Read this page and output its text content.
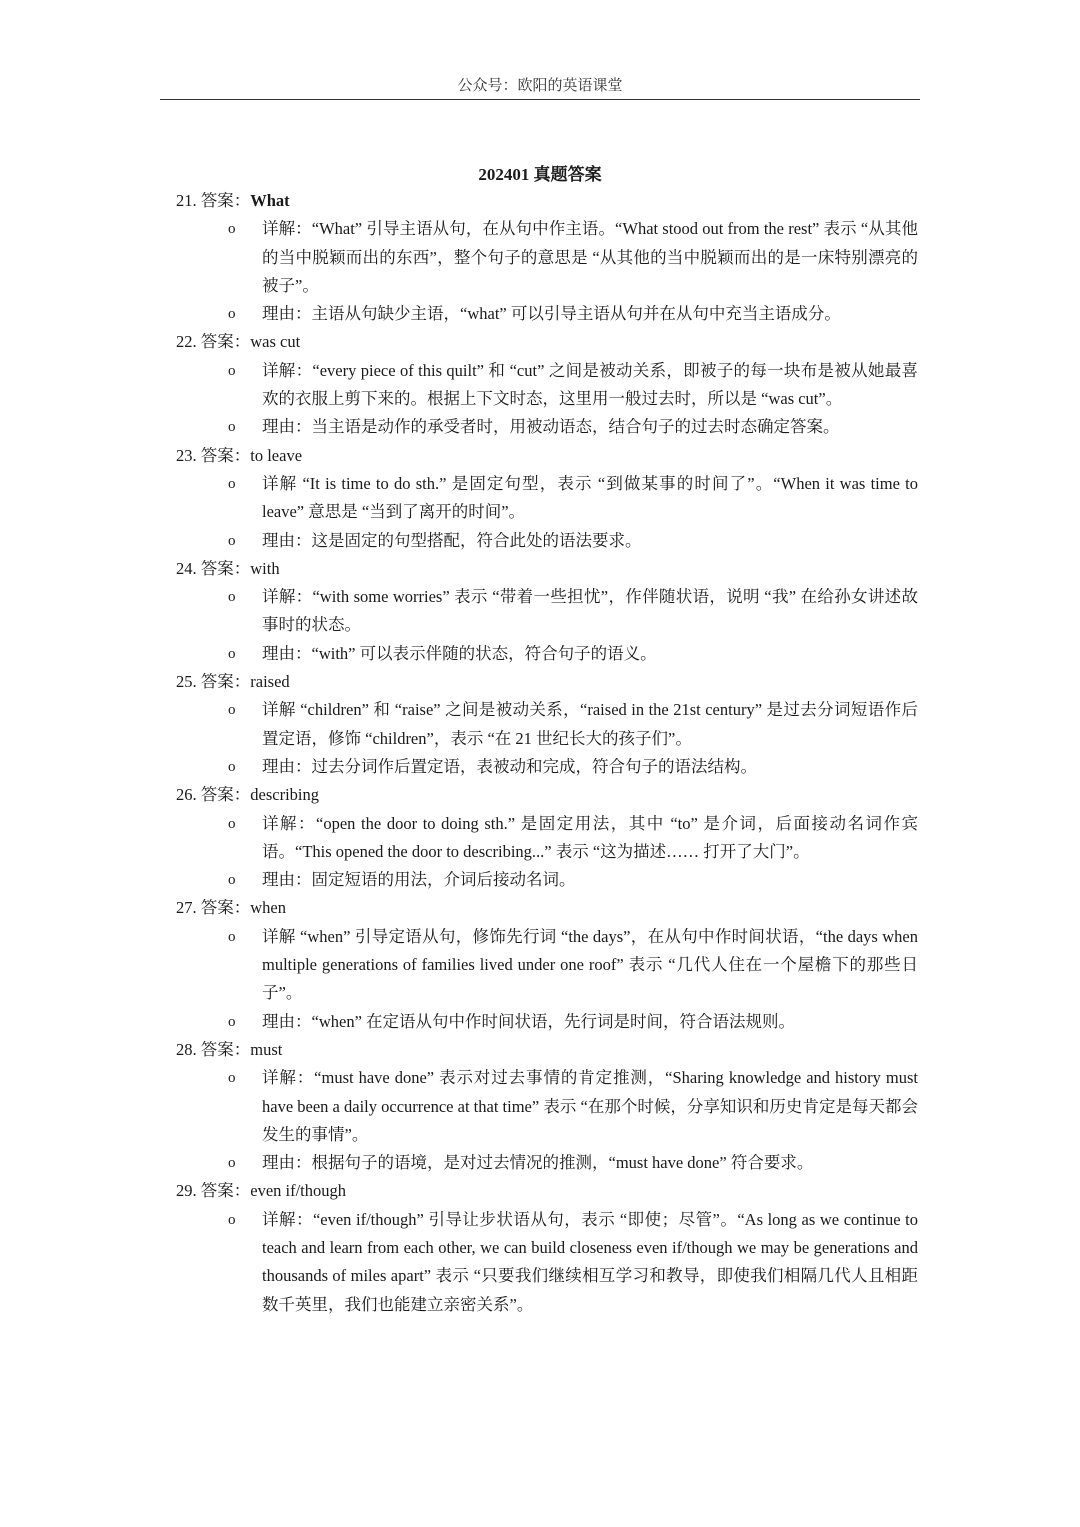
公众号：欧阳的英语课堂
202401 真题答案
21. 答案：What
o 详解：“What” 引导主语从句，在从句中作主语。“What stood out from the rest” 表示 “从其他的当中脱颖而出的东西”，整个句子的意思是 “从其他的当中脱颖而出的是一床特别漂亮的被子”。
o 理由：主语从句缺少主语，“what” 可以引导主语从句并在从句中充当主语成分。
22. 答案：was cut
o 详解：“every piece of this quilt” 和 “cut” 之间是被动关系，即被子的每一块布是被从她最喜欢的衣服上剪下来的。根据上下文时态，这里用一般过去时，所以是 “was cut”。
o 理由：当主语是动作的承受者时，用被动语态，结合句子的过去时态确定答案。
23. 答案：to leave
o 详解 “It is time to do sth.” 是固定句型，表示 “到做某事的时间了”。“When it was time to leave” 意思是 “当到了离开的时间”。
o 理由：这是固定的句型搭配，符合此处的语法要求。
24. 答案：with
o 详解：“with some worries” 表示 “带着一些担忧”，作伴随状语，说明 “我” 在给孙女讲述故事时的状态。
o 理由：“with” 可以表示伴随的状态，符合句子的语义。
25. 答案：raised
o 详解 “children” 和 “raise” 之间是被动关系，“raised in the 21st century” 是过去分词短语作后置定语，修饰 “children”，表示 “在 21 世纪长大的孩子们”。
o 理由：过去分词作后置定语，表被动和完成，符合句子的语法结构。
26. 答案：describing
o 详解：“open the door to doing sth.” 是固定用法，其中 “to” 是介词，后面接动名词作宾语。“This opened the door to describing...” 表示 “这为描述…… 打开了大门”。
o 理由：固定短语的用法，介词后接动名词。
27. 答案：when
o 详解 “when” 引导定语从句，修饰先行词 “the days”，在从句中作时间状语，“the days when multiple generations of families lived under one roof” 表示 “几代人住在一个屋檐下的那些日子”。
o 理由：“when” 在定语从句中作时间状语，先行词是时间，符合语法规则。
28. 答案：must
o 详解：“must have done” 表示对过去事情的肯定推测，“Sharing knowledge and history must have been a daily occurrence at that time” 表示 “在那个时候，分享知识和历史肯定是每天都会发生的事情”。
o 理由：根据句子的语境，是对过去情况的推测，“must have done” 符合要求。
29. 答案：even if/though
o 详解：“even if/though” 引导让步状语从句，表示 “即使；尽管”。“As long as we continue to teach and learn from each other, we can build closeness even if/though we may be generations and thousands of miles apart” 表示 “只要我们继续相互学习和教导，即使我们相隔几代人且相距数千英里，我们也能建立亲密关系”。
